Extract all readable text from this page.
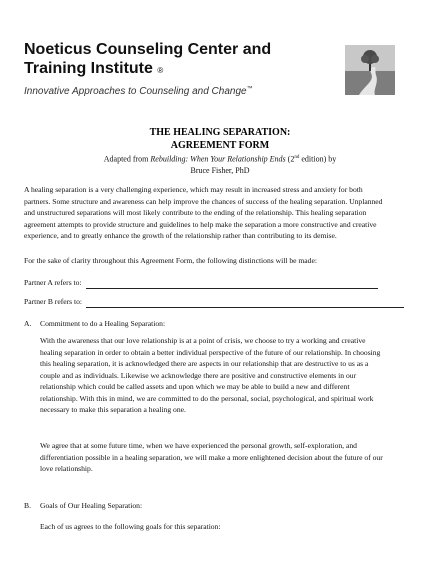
Noeticus Counseling Center and
Training Institute ®

Innovative Approaches to Counseling and Change™

THE HEALING SEPARATION:
AGREEMENT FORM
Adapted from Rebuilding: When Your Relationship Ends (2nd edition) by
Bruce Fisher, PhD

A healing separation is a very challenging experience, which may result in increased stress and anxiety for both partners. Some structure and awareness can help improve the chances of success of the healing separation. Unplanned and unstructured separations will most likely contribute to the ending of the relationship. This healing separation agreement attempts to provide structure and guidelines to help make the separation a more constructive and creative experience, and to greatly enhance the growth of the relationship rather than contributing to its demise.

For the sake of clarity throughout this Agreement Form, the following distinctions will be made:

Partner A refers to:
Partner B refers to:
A.	Commitment to do a Healing Separation:

With the awareness that our love relationship is at a point of crisis, we choose to try a working and creative healing separation in order to obtain a better individual perspective of the future of our relationship. In choosing this healing separation, it is acknowledged there are aspects in our relationship that are destructive to us as a couple and as individuals. Likewise we acknowledge there are positive and constructive elements in our relationship which could be called assets and upon which we may be able to build a new and different relationship. With this in mind, we are committed to do the personal, social, psychological, and spiritual work necessary to make this separation a healing one.

We agree that at some future time, when we have experienced the personal growth, self-exploration, and differentiation possible in a healing separation, we will make a more enlightened decision about the future of our love relationship.

B.	Goals of Our Healing Separation:

Each of us agrees to the following goals for this separation:
